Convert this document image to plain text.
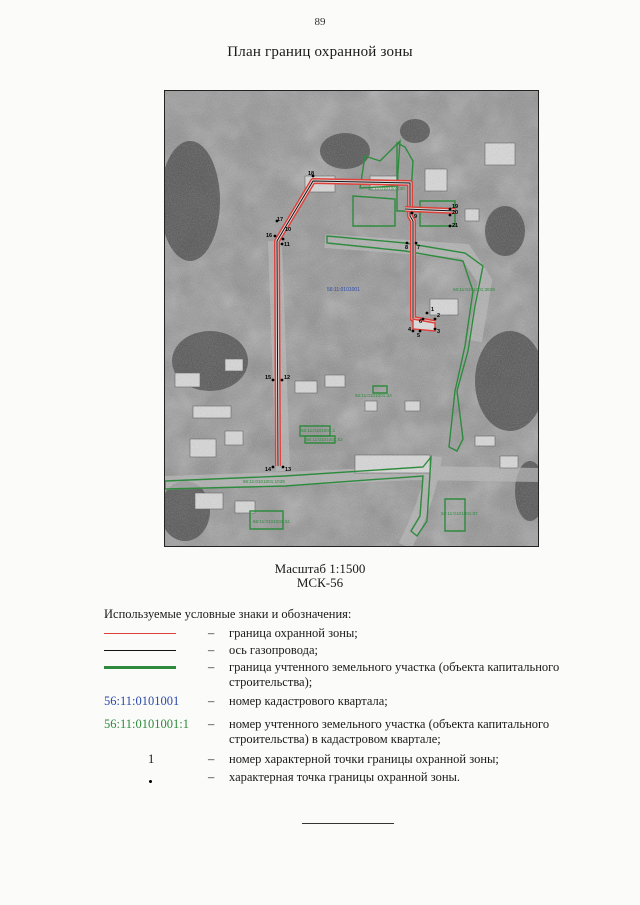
89
План границ охранной зоны
1
2
3
4
5
6
7
8
9
10
11
12
13
14
15
16
17
18
19
20
21
56:11:0101001
56:11:0101001:30
56:11:0101001:3829
56:11:0101001:33
56:11:0101001:1
56:11:0101001:52
56:11:0101001:1028
56:11:0101001:34
56:11:0101001:37
Масштаб 1:1500
МСК-56
Используемые условные знаки и обозначения:
– граница охранной зоны;
– ось газопровода;
– граница учтенного земельного участка (объекта капитального строительства);
56:11:0101001 – номер кадастрового квартала;
56:11:0101001:1 – номер учтенного земельного участка (объекта капитального строительства) в кадастровом квартале;
1	– номер характерной точки границы охранной зоны;
– характерная точка границы охранной зоны.
